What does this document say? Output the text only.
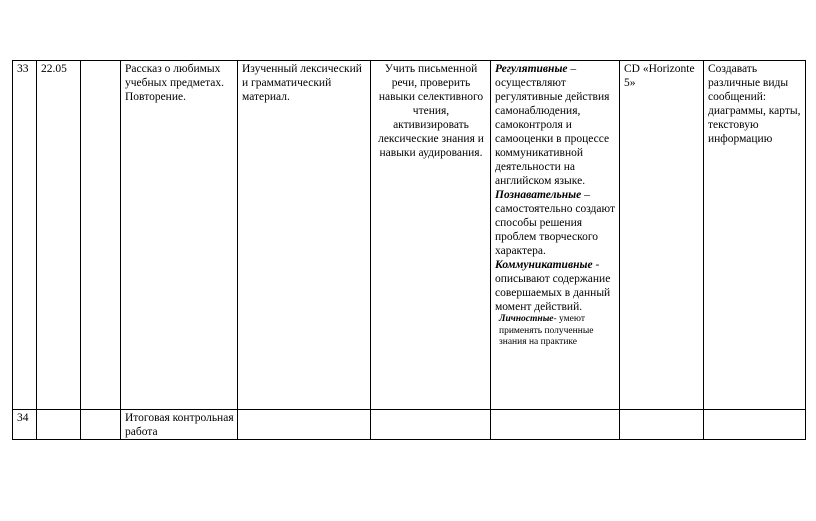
33	22.05		Рассказ о любимых учебных предметах. Повторение.	Изученный лексический и грамматический материал.	Учить письменной речи, проверить навыки селективного чтения, активизировать лексические знания и навыки аудирования.	Регулятивные – осуществляют регулятивные действия самонаблюдения, самоконтроля и самооценки в процессе коммуникативной деятельности на английском языке.
Познавательные – самостоятельно создают способы решения проблем творческого характера.
Коммуникативные - описывают содержание совершаемых в данный момент действий.
Личностные- умеют применять полученные знания на практике	CD «Horizonte 5»	Создавать различные виды сообщений: диаграммы, карты, текстовую информацию
34			Итоговая контрольная работа					
